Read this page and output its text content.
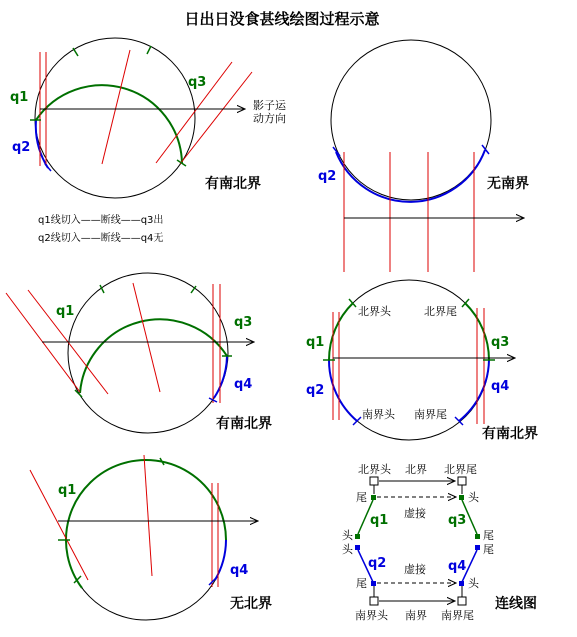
日出日没食甚线绘图过程示意
q1
q2
q3
影子运
动方向
有南北界
q1线切入——断线——q3出
q2线切入——断线——q4无
q2	无南界
q1
q3
q4
有南北界
北界头	北界尾
南界头 南界尾
q1
q2
q3
q4
有南北界
q1
q4
无北界
北界头 北界 北界尾
尾	头
虚接
q1	q3
头	尾
头	尾
q2	q4
虚接
尾	头
南界头 南界 南界尾
连线图
